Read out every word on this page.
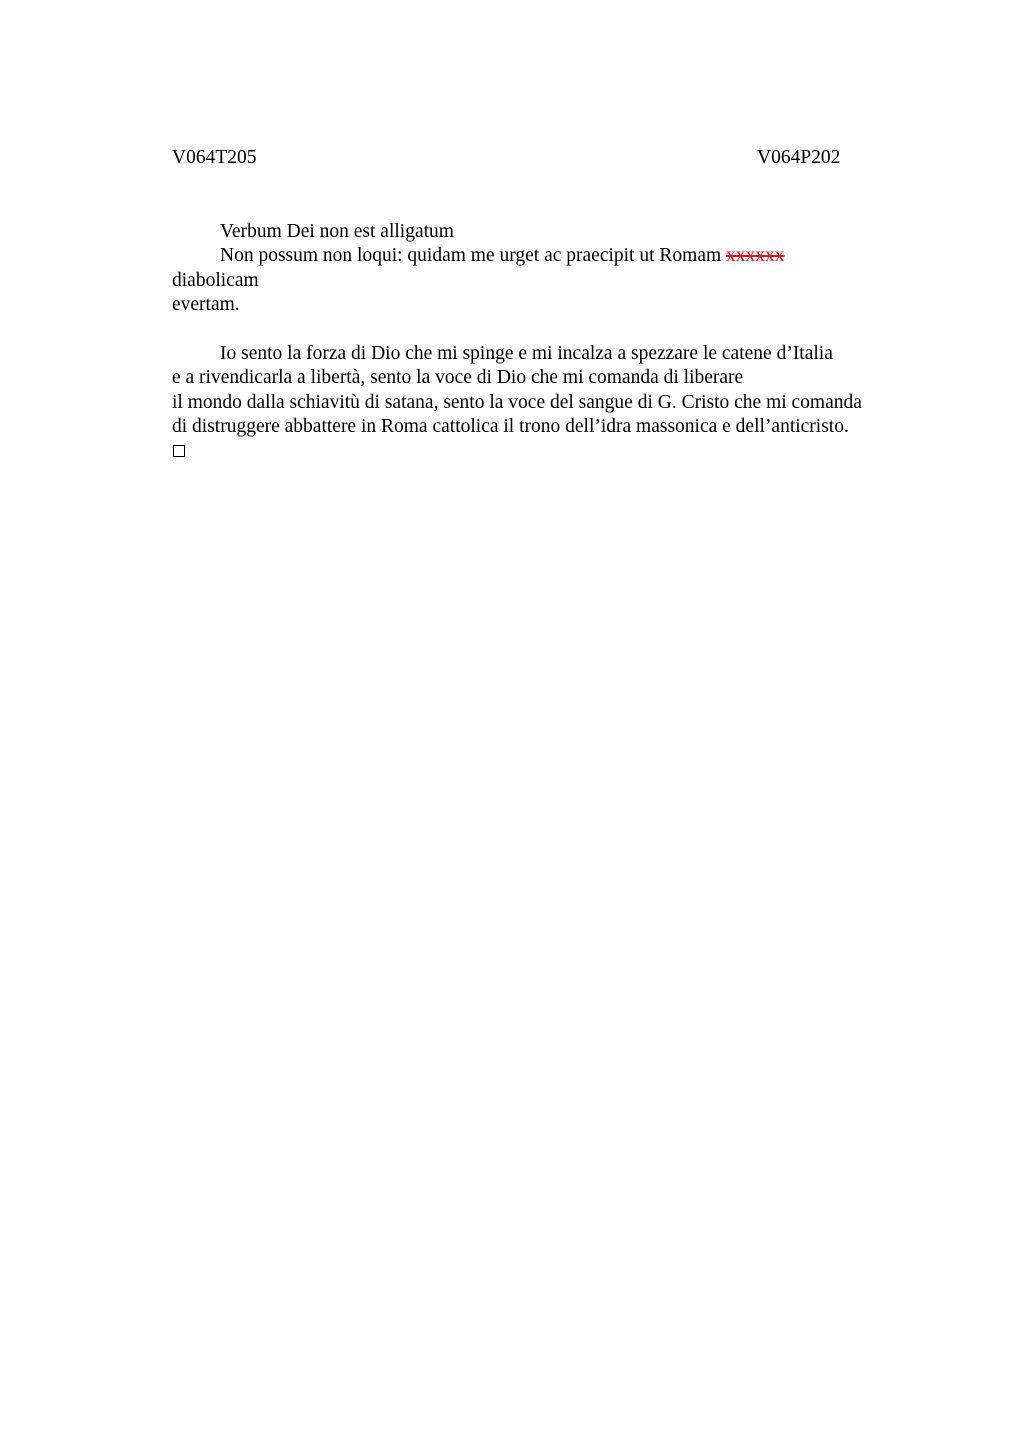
V064T205	V064P202
Verbum Dei non est alligatum
Non possum non loqui: quidam me urget ac praecipit ut Romam xxxxxx
diabolicam
evertam.
Io sento la forza di Dio che mi spinge e mi incalza a spezzare le catene d’Italia
e a rivendicarla a libertà, sento la voce di Dio che mi comanda di liberare
il mondo dalla schiavitù di satana, sento la voce del sangue di G. Cristo che mi comanda
di distruggere abbattere in Roma cattolica il trono dell’idra massonica e dell’anticristo.
